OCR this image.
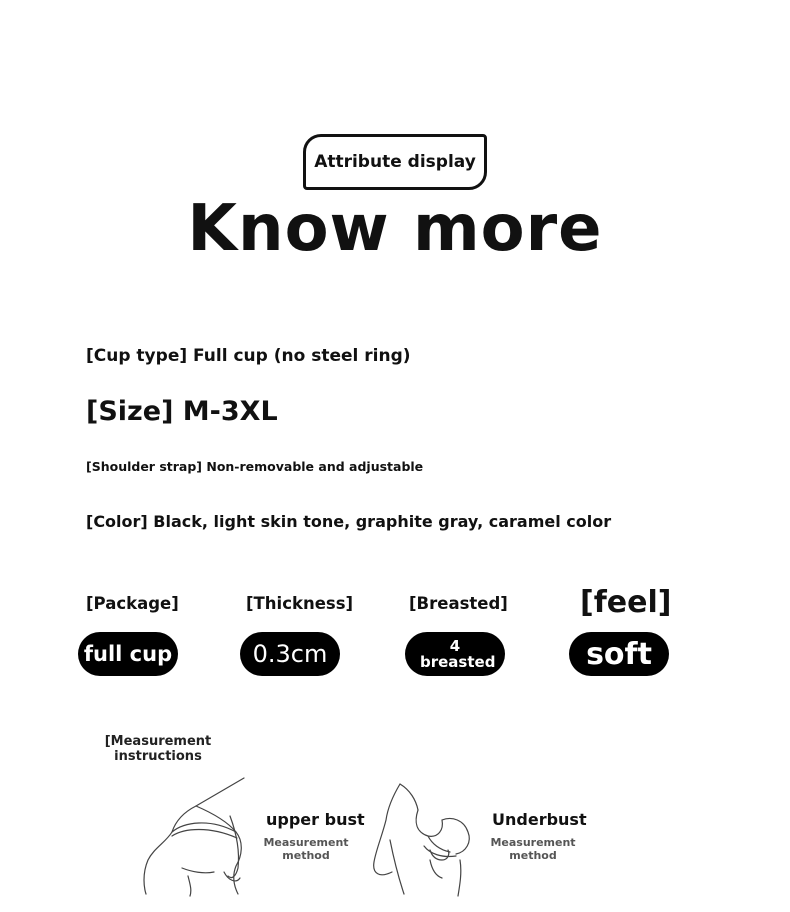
Attribute display
Know more
[Cup type] Full cup (no steel ring)
[Size] M-3XL
[Shoulder strap] Non-removable and adjustable
[Color] Black, light skin tone, graphite gray, caramel color
[Package]	[Thickness]	[Breasted] [feel]
full cup	0.3cm	4 breasted	soft
[Measurement instructions
upper bust
Measurement method
Underbust
Measurement method
